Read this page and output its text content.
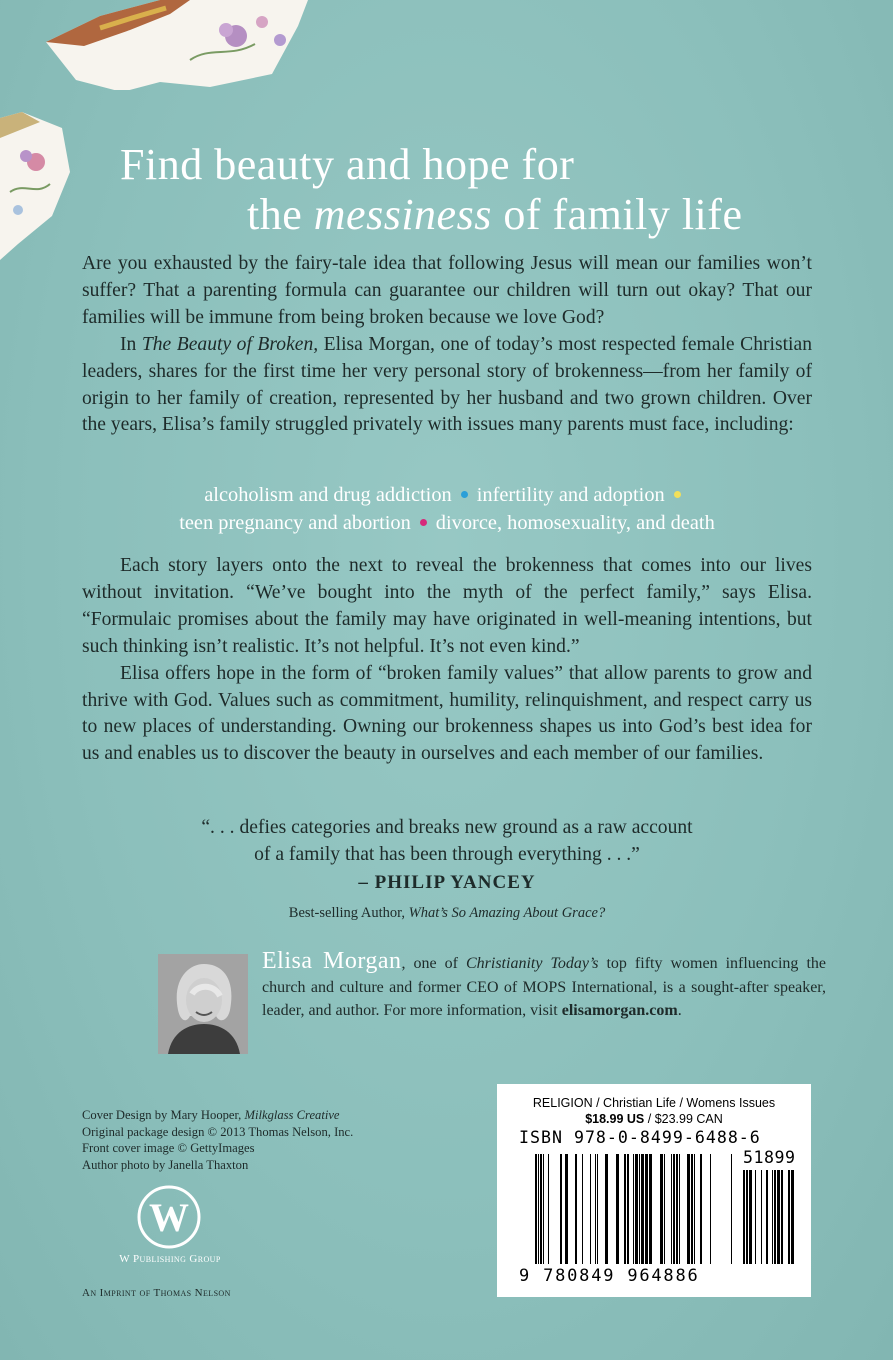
Find beauty and hope for
the messiness of family life

Are you exhausted by the fairy-tale idea that following Jesus will mean our families won’t suffer? That a parenting formula can guarantee our children will turn out okay? That our families will be immune from being broken because we love God?

In The Beauty of Broken, Elisa Morgan, one of today’s most respected female Christian leaders, shares for the first time her very personal story of brokenness—from her family of origin to her family of creation, represented by her husband and two grown children. Over the years, Elisa’s family struggled privately with issues many parents must face, including:

alcoholism and drug addiction infertility and adoption
teen pregnancy and abortion divorce, homosexuality, and death

Each story layers onto the next to reveal the brokenness that comes into our lives without invitation. “We’ve bought into the myth of the perfect family,” says Elisa. “Formulaic promises about the family may have originated in well-meaning intentions, but such thinking isn’t realistic. It’s not helpful. It’s not even kind.”

Elisa offers hope in the form of “broken family values” that allow parents to grow and thrive with God. Values such as commitment, humility, relinquishment, and respect carry us to new places of understanding. Owning our brokenness shapes us into God’s best idea for us and enables us to discover the beauty in ourselves and each member of our families.

“. . . defies categories and breaks new ground as a raw account
of a family that has been through everything . . .”
– PHILIP YANCEY
Best-selling Author, What’s So Amazing About Grace?
Elisa Morgan, one of Christianity Today’s top fifty women influencing the church and culture and former CEO of MOPS International, is a sought-after speaker, leader, and author. For more information, visit elisamorgan.com.
Cover Design by Mary Hooper, Milkglass Creative
Original package design © 2013 Thomas Nelson, Inc.
Front cover image © GettyImages
Author photo by Janella Thaxton
W
W Publishing Group
An Imprint of Thomas Nelson
RELIGION / Christian Life / Womens Issues
$18.99 US / $23.99 CAN
ISBN 978-0-8499-6488-6
51899
9 780849 964886
